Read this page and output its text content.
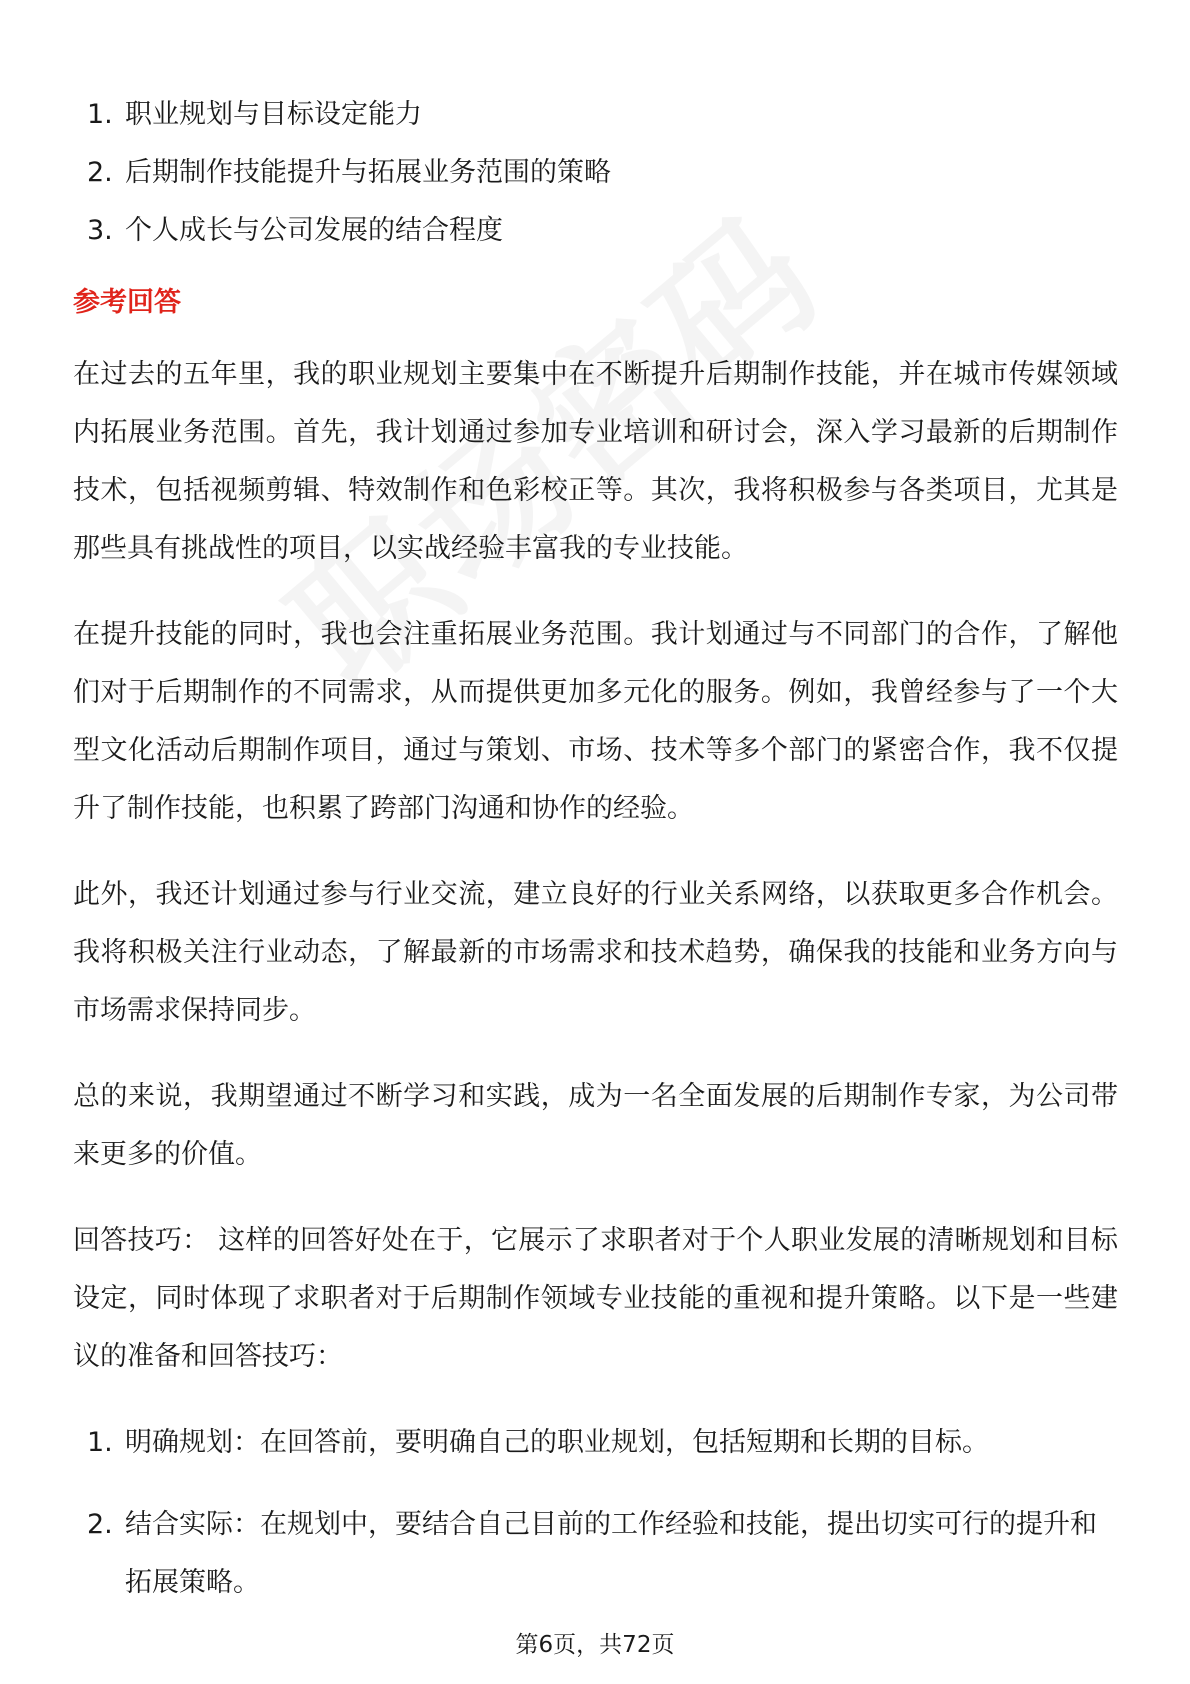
1. 职业规划与目标设定能力
2. 后期制作技能提升与拓展业务范围的策略
3. 个人成长与公司发展的结合程度
参考回答

在过去的五年里，我的职业规划主要集中在不断提升后期制作技能，并在城市传媒领域内拓展业务范围。首先，我计划通过参加专业培训和研讨会，深入学习最新的后期制作技术，包括视频剪辑、特效制作和色彩校正等。其次，我将积极参与各类项目，尤其是那些具有挑战性的项目，以实战经验丰富我的专业技能。

在提升技能的同时，我也会注重拓展业务范围。我计划通过与不同部门的合作，了解他们对于后期制作的不同需求，从而提供更加多元化的服务。例如，我曾经参与了一个大型文化活动后期制作项目，通过与策划、市场、技术等多个部门的紧密合作，我不仅提升了制作技能，也积累了跨部门沟通和协作的经验。

此外，我还计划通过参与行业交流，建立良好的行业关系网络，以获取更多合作机会。我将积极关注行业动态，了解最新的市场需求和技术趋势，确保我的技能和业务方向与市场需求保持同步。

总的来说，我期望通过不断学习和实践，成为一名全面发展的后期制作专家，为公司带来更多的价值。

回答技巧： 这样的回答好处在于，它展示了求职者对于个人职业发展的清晰规划和目标设定，同时体现了求职者对于后期制作领域专业技能的重视和提升策略。以下是一些建议的准备和回答技巧：

1. 明确规划：在回答前，要明确自己的职业规划，包括短期和长期的目标。
2. 结合实际：在规划中，要结合自己目前的工作经验和技能，提出切实可行的提升和拓展策略。
第6页，共72页
